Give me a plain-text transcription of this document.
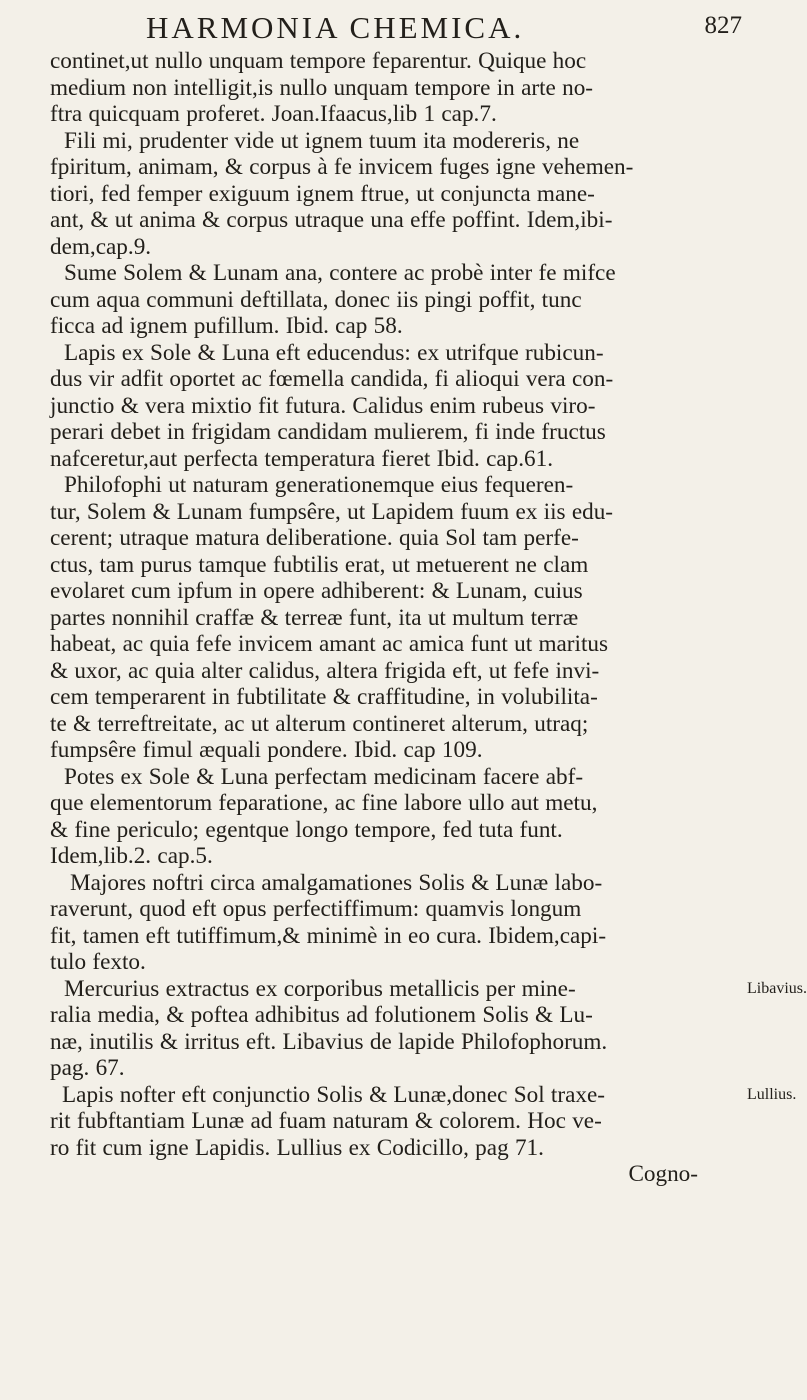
HARMONIA CHEMICA.	827
continet,ut nullo unquam tempore feparentur. Quique hoc
medium non intelligit,is nullo unquam tempore in arte no-
ftra quicquam proferet. Joan.Ifaacus,lib 1 cap.7.
Fili mi, prudenter vide ut ignem tuum ita modereris, ne
fpiritum, animam, & corpus à fe invicem fuges igne vehemen-
tiori, fed femper exiguum ignem ftrue, ut conjuncta mane-
ant, & ut anima & corpus utraque una effe poffint. Idem,ibi-
dem,cap.9.
Sume Solem & Lunam ana, contere ac probè inter fe mifce
cum aqua communi deftillata, donec iis pingi poffit, tunc
ficca ad ignem pufillum. Ibid. cap 58.
Lapis ex Sole & Luna eft educendus: ex utrifque rubicun-
dus vir adfit oportet ac fœmella candida, fi alioqui vera con-
junctio & vera mixtio fit futura. Calidus enim rubeus viro-
perari debet in frigidam candidam mulierem, fi inde fructus
nafceretur,aut perfecta temperatura fieret Ibid. cap.61.
Philofophi ut naturam generationemque eius fequeren-
tur, Solem & Lunam fumpsêre, ut Lapidem fuum ex iis edu-
cerent; utraque matura deliberatione. quia Sol tam perfe-
ctus, tam purus tamque fubtilis erat, ut metuerent ne clam
evolaret cum ipfum in opere adhiberent: & Lunam, cuius
partes nonnihil craffæ & terreæ funt, ita ut multum terræ
habeat, ac quia fefe invicem amant ac amica funt ut maritus
& uxor, ac quia alter calidus, altera frigida eft, ut fefe invi-
cem temperarent in fubtilitate & craffitudine, in volubilita-
te & terreftreitate, ac ut alterum contineret alterum, utraq;
fumpsêre fimul æquali pondere. Ibid. cap 109.
Potes ex Sole & Luna perfectam medicinam facere abf-
que elementorum feparatione, ac fine labore ullo aut metu,
& fine periculo; egentque longo tempore, fed tuta funt.
Idem,lib.2. cap.5.
Majores noftri circa amalgamationes Solis & Lunæ labo-
raverunt, quod eft opus perfectiffimum: quamvis longum
fit, tamen eft tutiffimum,& minimè in eo cura. Ibidem,capi-
tulo fexto.
Mercurius extractus ex corporibus metallicis per mine-
ralia media, & poftea adhibitus ad folutionem Solis & Lu-
næ, inutilis & irritus eft. Libavius de lapide Philofophorum.
pag. 67.
Lapis nofter eft conjunctio Solis & Lunæ,donec Sol traxe-
rit fubftantiam Lunæ ad fuam naturam & colorem. Hoc ve-
ro fit cum igne Lapidis. Lullius ex Codicillo, pag 71.
Cogno-
Libavius.
Lullius.
